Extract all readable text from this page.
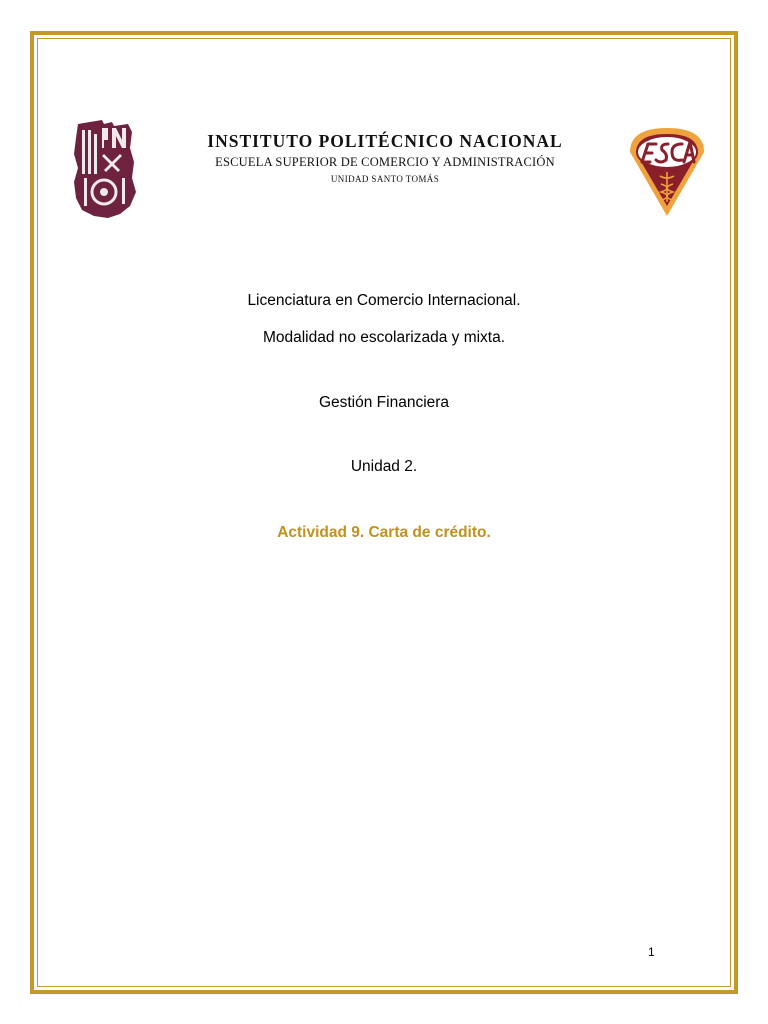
INSTITUTO POLITÉCNICO NACIONAL
ESCUELA SUPERIOR DE COMERCIO Y ADMINISTRACIÓN
UNIDAD SANTO TOMÁS
Licenciatura en Comercio Internacional.
Modalidad no escolarizada y mixta.
Gestión Financiera
Unidad 2.
Actividad 9. Carta de crédito.
1
